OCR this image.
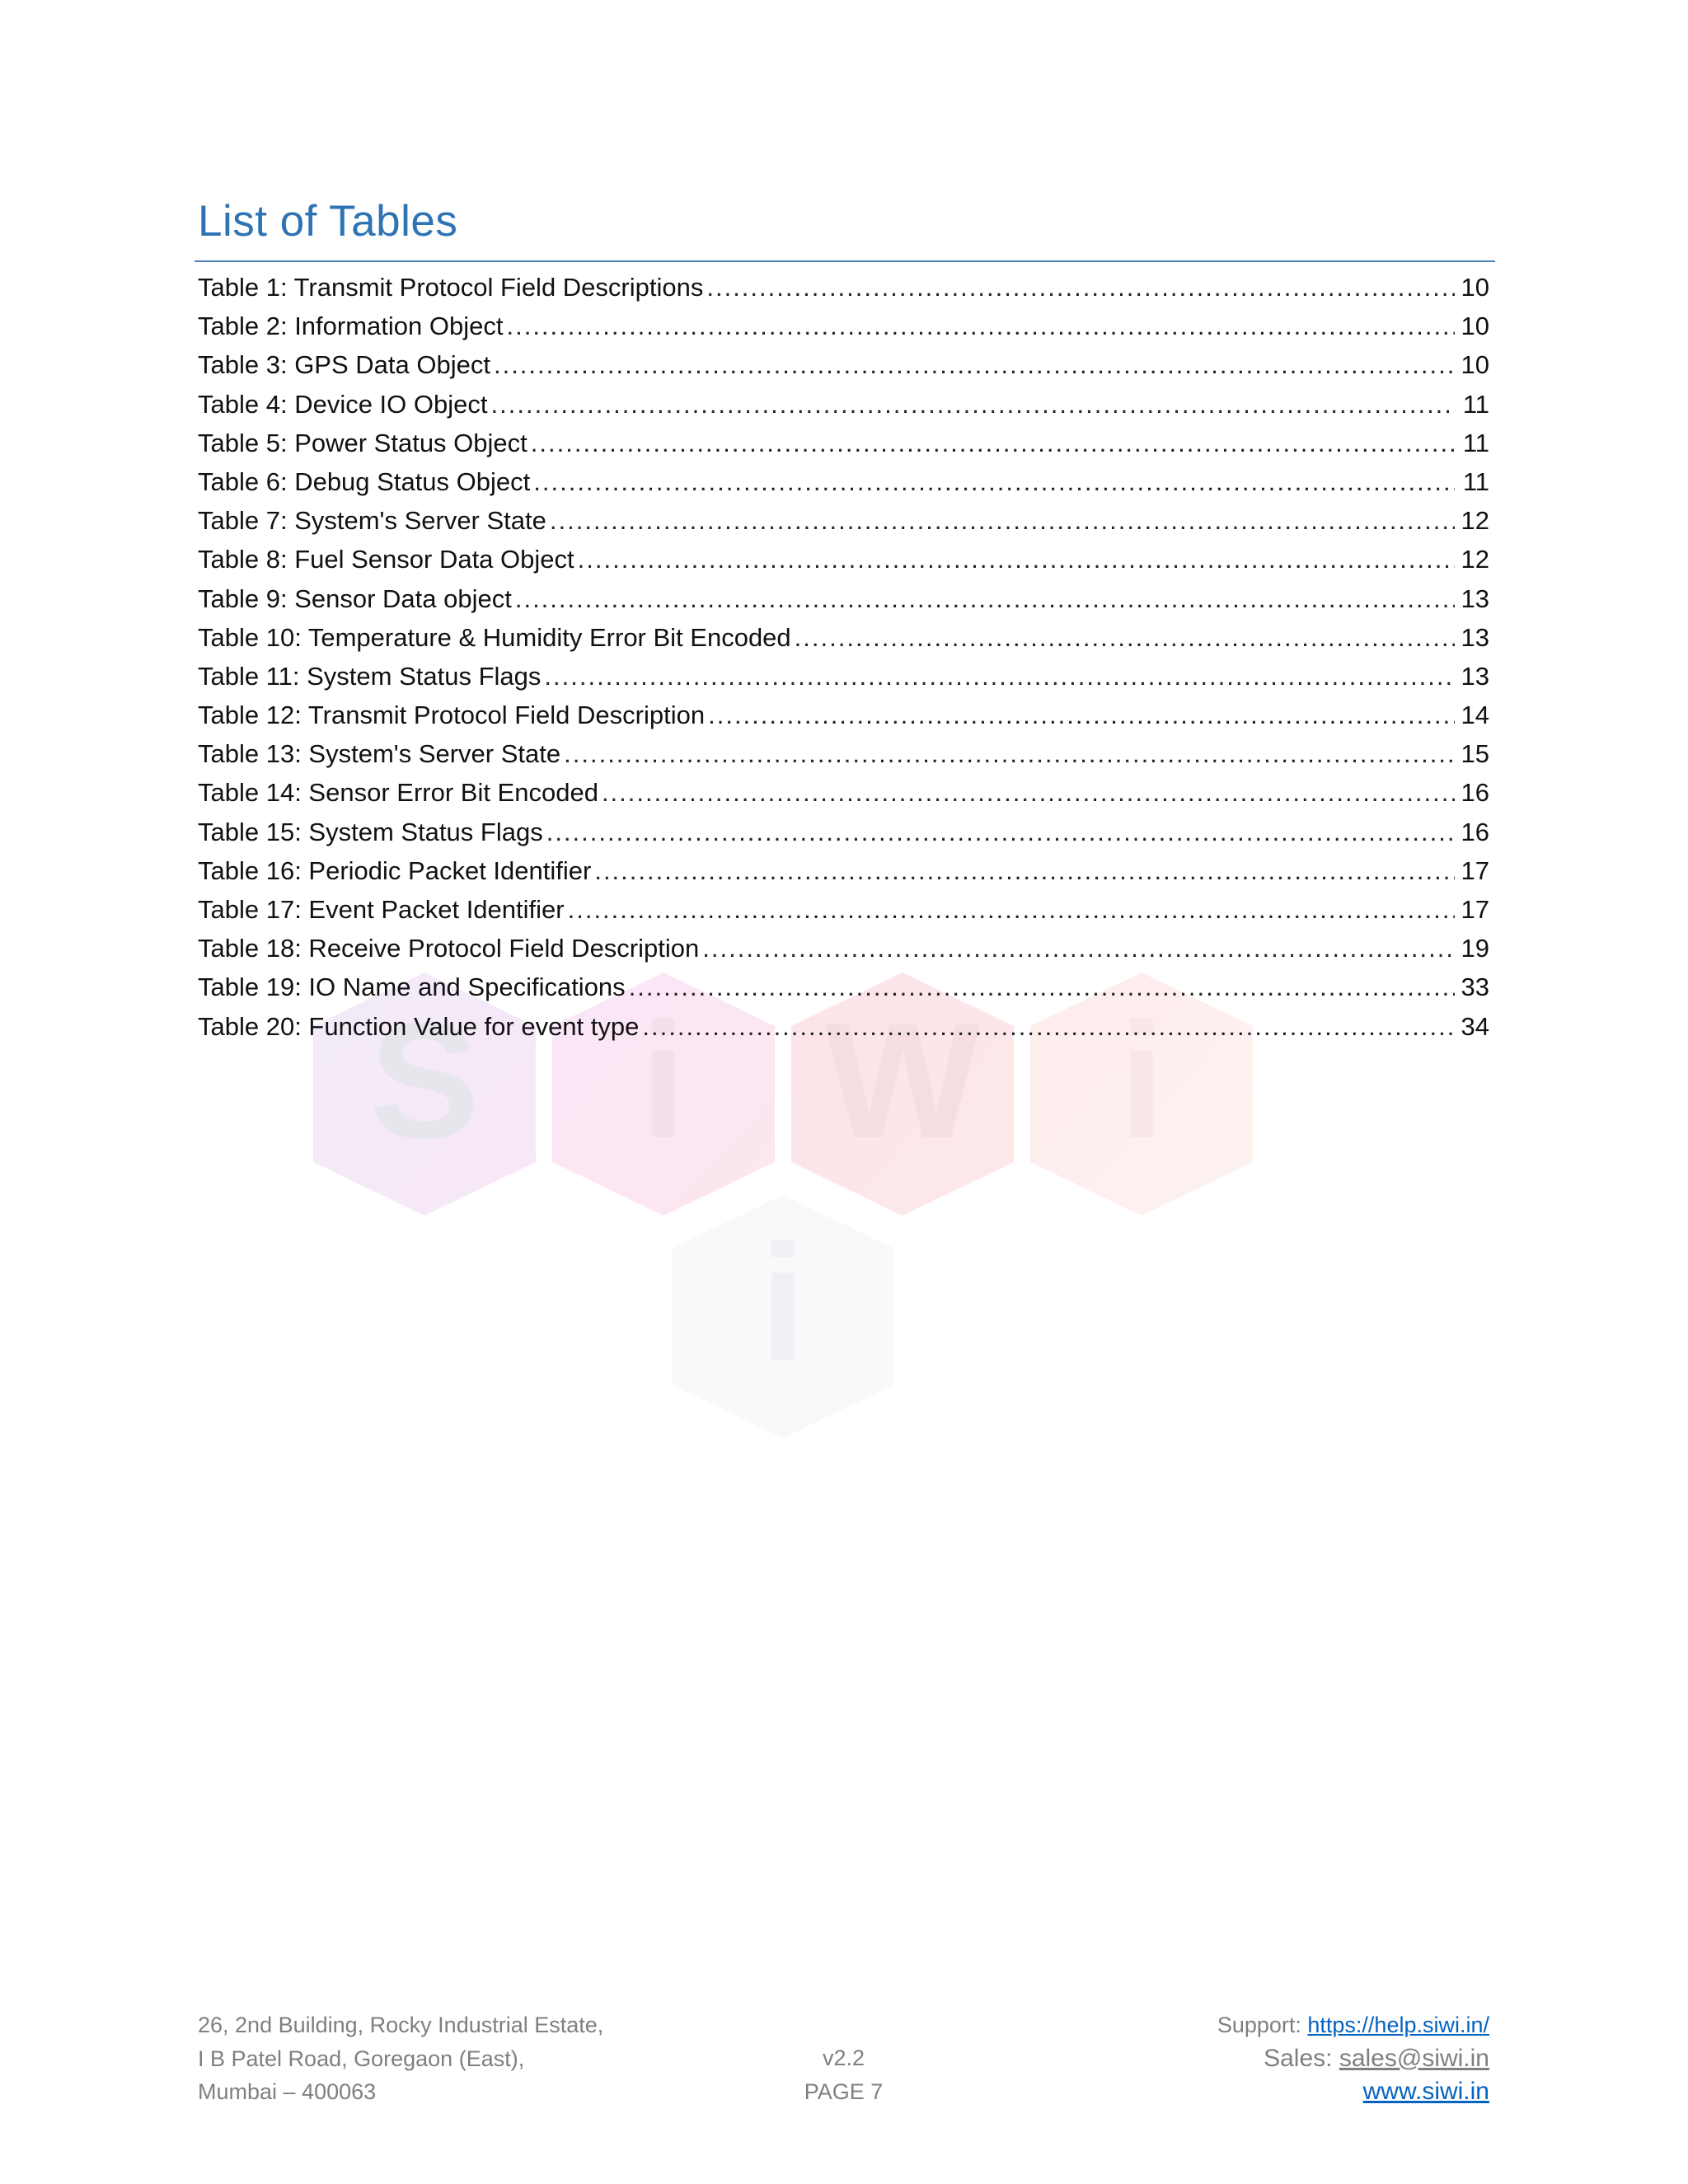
S i W i
i
List of Tables
Table 1: Transmit Protocol Field Descriptions .....	10
Table 2: Information Object .....	10
Table 3: GPS Data Object .....	10
Table 4: Device IO Object .....	11
Table 5: Power Status Object .....	11
Table 6: Debug Status Object .....	11
Table 7: System's Server State .....	12
Table 8: Fuel Sensor Data Object .....	12
Table 9: Sensor Data object .....	13
Table 10: Temperature & Humidity Error Bit Encoded .....	13
Table 11: System Status Flags .....	13
Table 12: Transmit Protocol Field Description .....	14
Table 13: System's Server State .....	15
Table 14: Sensor Error Bit Encoded .....	16
Table 15: System Status Flags .....	16
Table 16: Periodic Packet Identifier .....	17
Table 17: Event Packet Identifier .....	17
Table 18: Receive Protocol Field Description .....	19
Table 19: IO Name and Specifications .....	33
Table 20: Function Value for event type .....	34
26, 2nd Building, Rocky Industrial Estate,
I B Patel Road, Goregaon (East),
Mumbai – 400063
v2.2
PAGE 7
Support: https://help.siwi.in/
Sales: sales@siwi.in
www.siwi.in
